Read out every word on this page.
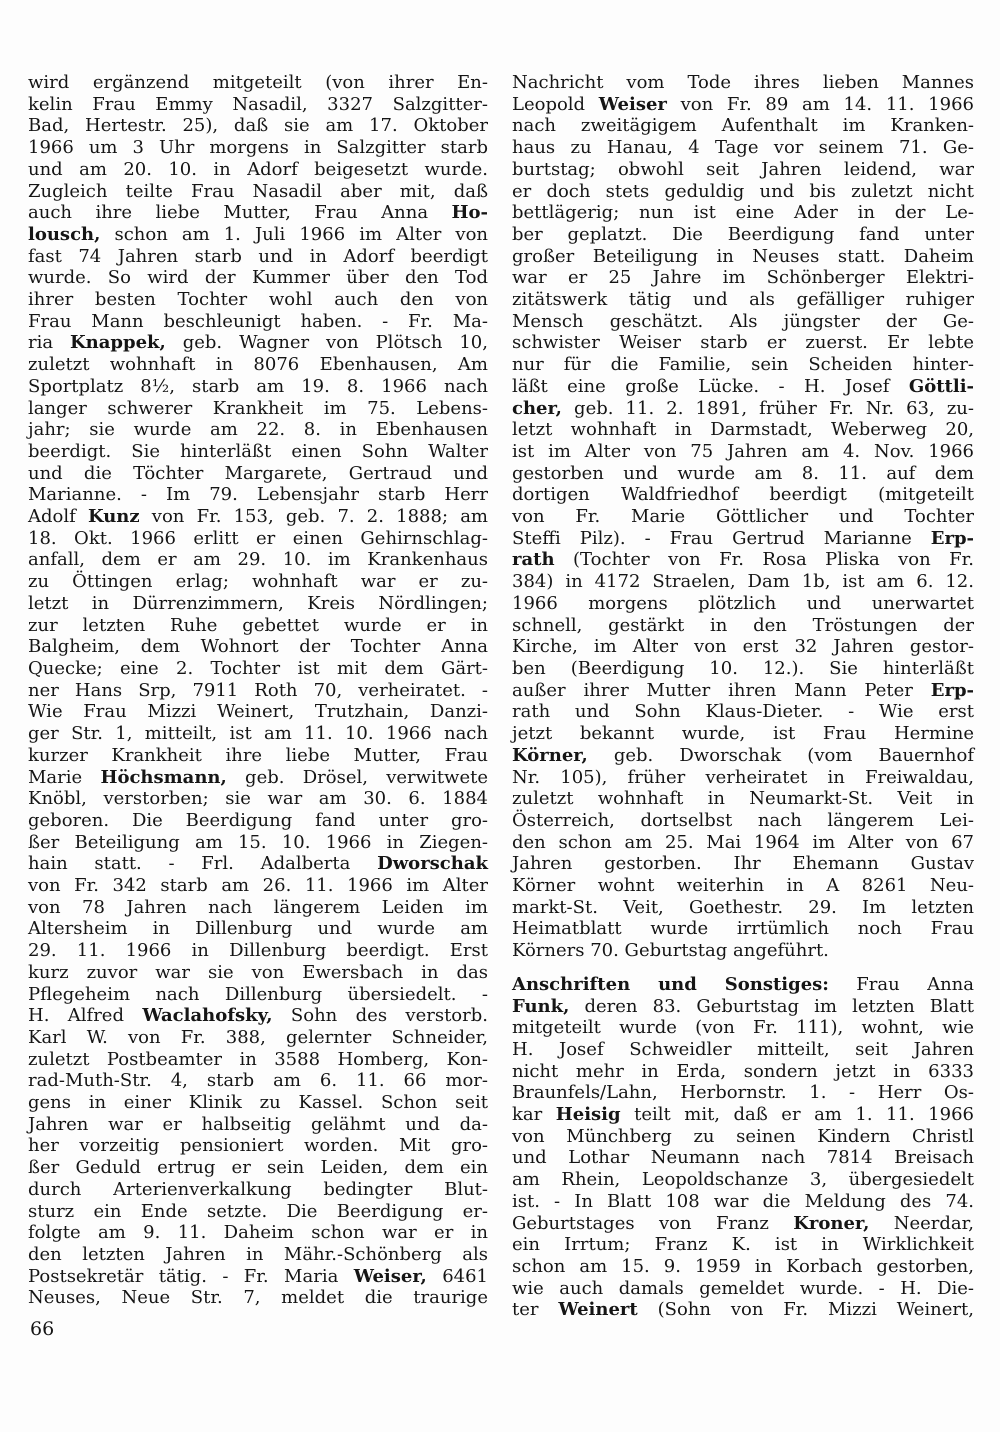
wird ergänzend mitgeteilt (von ihrer En-
kelin Frau Emmy Nasadil, 3327 Salzgitter-
Bad, Hertestr. 25), daß sie am 17. Oktober
1966 um 3 Uhr morgens in Salzgitter starb
und am 20. 10. in Adorf beigesetzt wurde.
Zugleich teilte Frau Nasadil aber mit, daß
auch ihre liebe Mutter, Frau Anna Ho-
lousch, schon am 1. Juli 1966 im Alter von
fast 74 Jahren starb und in Adorf beerdigt
wurde. So wird der Kummer über den Tod
ihrer besten Tochter wohl auch den von
Frau Mann beschleunigt haben. - Fr. Ma-
ria Knappek, geb. Wagner von Plötsch 10,
zuletzt wohnhaft in 8076 Ebenhausen, Am
Sportplatz 8½, starb am 19. 8. 1966 nach
langer schwerer Krankheit im 75. Lebens-
jahr; sie wurde am 22. 8. in Ebenhausen
beerdigt. Sie hinterläßt einen Sohn Walter
und die Töchter Margarete, Gertraud und
Marianne. - Im 79. Lebensjahr starb Herr
Adolf Kunz von Fr. 153, geb. 7. 2. 1888; am
18. Okt. 1966 erlitt er einen Gehirnschlag-
anfall, dem er am 29. 10. im Krankenhaus
zu Öttingen erlag; wohnhaft war er zu-
letzt in Dürrenzimmern, Kreis Nördlingen;
zur letzten Ruhe gebettet wurde er in
Balgheim, dem Wohnort der Tochter Anna
Quecke; eine 2. Tochter ist mit dem Gärt-
ner Hans Srp, 7911 Roth 70, verheiratet. -
Wie Frau Mizzi Weinert, Trutzhain, Danzi-
ger Str. 1, mitteilt, ist am 11. 10. 1966 nach
kurzer Krankheit ihre liebe Mutter, Frau
Marie Höchsmann, geb. Drösel, verwitwete
Knöbl, verstorben; sie war am 30. 6. 1884
geboren. Die Beerdigung fand unter gro-
ßer Beteiligung am 15. 10. 1966 in Ziegen-
hain statt. - Frl. Adalberta Dworschak
von Fr. 342 starb am 26. 11. 1966 im Alter
von 78 Jahren nach längerem Leiden im
Altersheim in Dillenburg und wurde am
29. 11. 1966 in Dillenburg beerdigt. Erst
kurz zuvor war sie von Ewersbach in das
Pflegeheim nach Dillenburg übersiedelt. -
H. Alfred Waclahofsky, Sohn des verstorb.
Karl W. von Fr. 388, gelernter Schneider,
zuletzt Postbeamter in 3588 Homberg, Kon-
rad-Muth-Str. 4, starb am 6. 11. 66 mor-
gens in einer Klinik zu Kassel. Schon seit
Jahren war er halbseitig gelähmt und da-
her vorzeitig pensioniert worden. Mit gro-
ßer Geduld ertrug er sein Leiden, dem ein
durch Arterienverkalkung bedingter Blut-
sturz ein Ende setzte. Die Beerdigung er-
folgte am 9. 11. Daheim schon war er in
den letzten Jahren in Mähr.-Schönberg als
Postsekretär tätig. - Fr. Maria Weiser, 6461
Neuses, Neue Str. 7, meldet die traurige
Nachricht vom Tode ihres lieben Mannes
Leopold Weiser von Fr. 89 am 14. 11. 1966
nach zweitägigem Aufenthalt im Kranken-
haus zu Hanau, 4 Tage vor seinem 71. Ge-
burtstag; obwohl seit Jahren leidend, war
er doch stets geduldig und bis zuletzt nicht
bettlägerig; nun ist eine Ader in der Le-
ber geplatzt. Die Beerdigung fand unter
großer Beteiligung in Neuses statt. Daheim
war er 25 Jahre im Schönberger Elektri-
zitätswerk tätig und als gefälliger ruhiger
Mensch geschätzt. Als jüngster der Ge-
schwister Weiser starb er zuerst. Er lebte
nur für die Familie, sein Scheiden hinter-
läßt eine große Lücke. - H. Josef Göttli-
cher, geb. 11. 2. 1891, früher Fr. Nr. 63, zu-
letzt wohnhaft in Darmstadt, Weberweg 20,
ist im Alter von 75 Jahren am 4. Nov. 1966
gestorben und wurde am 8. 11. auf dem
dortigen Waldfriedhof beerdigt (mitgeteilt
von Fr. Marie Göttlicher und Tochter
Steffi Pilz). - Frau Gertrud Marianne Erp-
rath (Tochter von Fr. Rosa Pliska von Fr.
384) in 4172 Straelen, Dam 1b, ist am 6. 12.
1966 morgens plötzlich und unerwartet
schnell, gestärkt in den Tröstungen der
Kirche, im Alter von erst 32 Jahren gestor-
ben (Beerdigung 10. 12.). Sie hinterläßt
außer ihrer Mutter ihren Mann Peter Erp-
rath und Sohn Klaus-Dieter. - Wie erst
jetzt bekannt wurde, ist Frau Hermine
Körner, geb. Dworschak (vom Bauernhof
Nr. 105), früher verheiratet in Freiwaldau,
zuletzt wohnhaft in Neumarkt-St. Veit in
Österreich, dortselbst nach längerem Lei-
den schon am 25. Mai 1964 im Alter von 67
Jahren gestorben. Ihr Ehemann Gustav
Körner wohnt weiterhin in A 8261 Neu-
markt-St. Veit, Goethestr. 29. Im letzten
Heimatblatt wurde irrtümlich noch Frau
Körners 70. Geburtstag angeführt.
Anschriften und Sonstiges: Frau Anna
Funk, deren 83. Geburtstag im letzten Blatt
mitgeteilt wurde (von Fr. 111), wohnt, wie
H. Josef Schweidler mitteilt, seit Jahren
nicht mehr in Erda, sondern jetzt in 6333
Braunfels/Lahn, Herbornstr. 1. - Herr Os-
kar Heisig teilt mit, daß er am 1. 11. 1966
von Münchberg zu seinen Kindern Christl
und Lothar Neumann nach 7814 Breisach
am Rhein, Leopoldschanze 3, übergesiedelt
ist. - In Blatt 108 war die Meldung des 74.
Geburtstages von Franz Kroner, Neerdar,
ein Irrtum; Franz K. ist in Wirklichkeit
schon am 15. 9. 1959 in Korbach gestorben,
wie auch damals gemeldet wurde. - H. Die-
ter Weinert (Sohn von Fr. Mizzi Weinert,
66
